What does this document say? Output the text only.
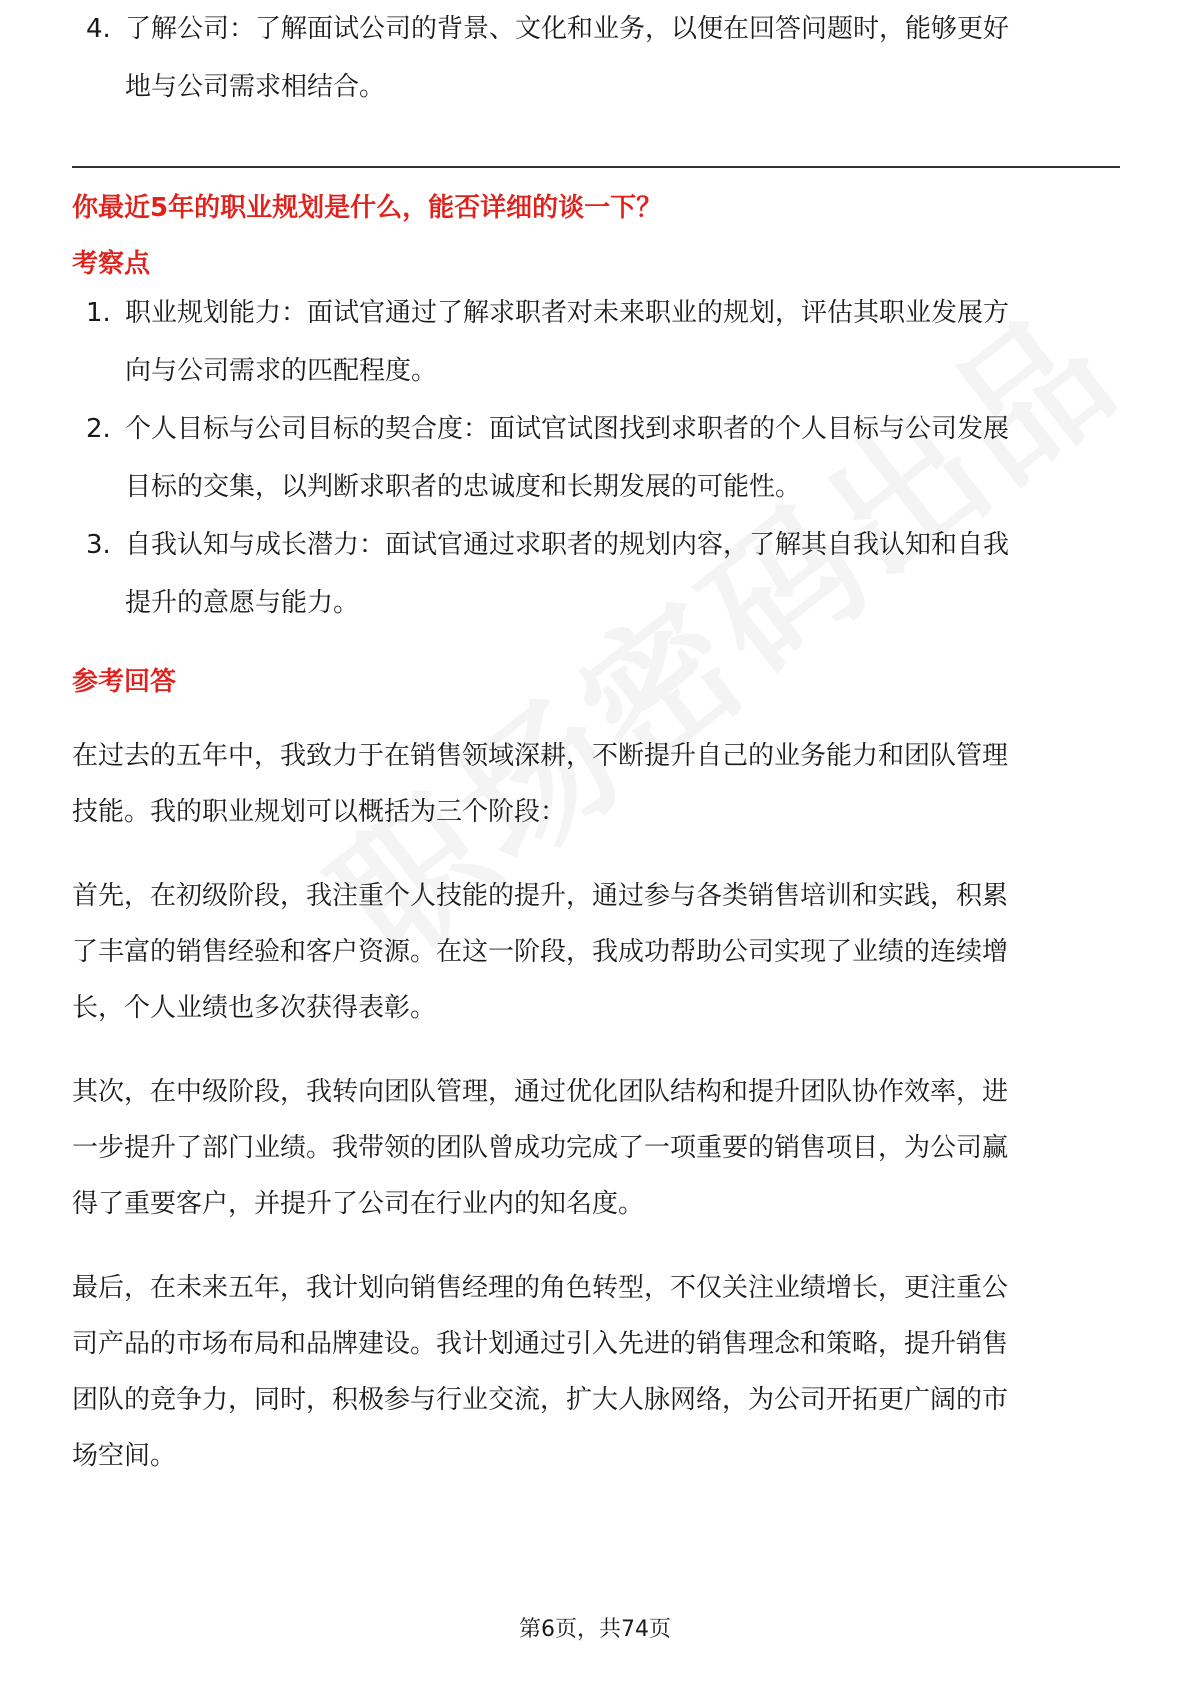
4. 了解公司：了解面试公司的背景、文化和业务，以便在回答问题时，能够更好
地与公司需求相结合。
你最近5年的职业规划是什么，能否详细的谈一下？
考察点
1. 职业规划能力：面试官通过了解求职者对未来职业的规划，评估其职业发展方
向与公司需求的匹配程度。
2. 个人目标与公司目标的契合度：面试官试图找到求职者的个人目标与公司发展
目标的交集，以判断求职者的忠诚度和长期发展的可能性。
3. 自我认知与成长潜力：面试官通过求职者的规划内容，了解其自我认知和自我
提升的意愿与能力。
参考回答
在过去的五年中，我致力于在销售领域深耕，不断提升自己的业务能力和团队管理
技能。我的职业规划可以概括为三个阶段：
首先，在初级阶段，我注重个人技能的提升，通过参与各类销售培训和实践，积累
了丰富的销售经验和客户资源。在这一阶段，我成功帮助公司实现了业绩的连续增
长，个人业绩也多次获得表彰。
其次，在中级阶段，我转向团队管理，通过优化团队结构和提升团队协作效率，进
一步提升了部门业绩。我带领的团队曾成功完成了一项重要的销售项目，为公司赢
得了重要客户，并提升了公司在行业内的知名度。
最后，在未来五年，我计划向销售经理的角色转型，不仅关注业绩增长，更注重公
司产品的市场布局和品牌建设。我计划通过引入先进的销售理念和策略，提升销售
团队的竞争力，同时，积极参与行业交流，扩大人脉网络，为公司开拓更广阔的市
场空间。
第6页，共74页
